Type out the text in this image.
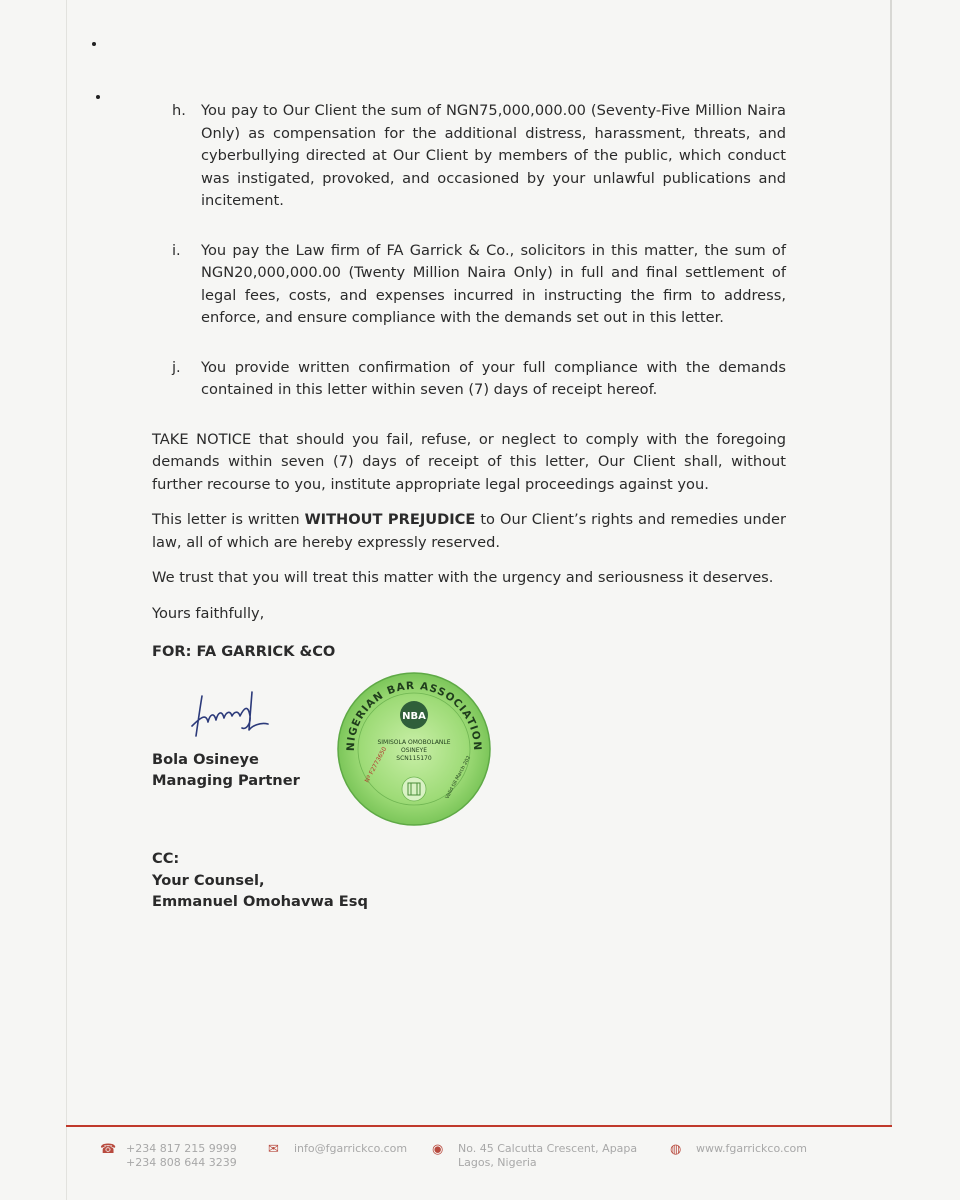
h.	You pay to Our Client the sum of NGN75,000,000.00 (Seventy-Five Million Naira Only) as compensation for the additional distress, harassment, threats, and cyberbullying directed at Our Client by members of the public, which conduct was instigated, provoked, and occasioned by your unlawful publications and incitement.
i.	You pay the Law firm of FA Garrick & Co., solicitors in this matter, the sum of NGN20,000,000.00 (Twenty Million Naira Only) in full and final settlement of legal fees, costs, and expenses incurred in instructing the firm to address, enforce, and ensure compliance with the demands set out in this letter.
j.	You provide written confirmation of your full compliance with the demands contained in this letter within seven (7) days of receipt hereof.

TAKE NOTICE that should you fail, refuse, or neglect to comply with the foregoing demands within seven (7) days of receipt of this letter, Our Client shall, without further recourse to you, institute appropriate legal proceedings against you.

This letter is written WITHOUT PREJUDICE to Our Client’s rights and remedies under law, all of which are hereby expressly reserved.

We trust that you will treat this matter with the urgency and seriousness it deserves.

Yours faithfully,

FOR: FA GARRICK &CO

Bola Osineye
Managing Partner
NIGERIAN BAR ASSOCIATION
NBA
SIMISOLA OMOBOLANLE
OSINEYE
SCN115170
Nº F2773650	Valid till March 202
CC:
Your Counsel,
Emmanuel Omohavwa Esq
☎ +234 817 215 9999
+234 808 644 3239
✉	info@fgarrickco.com ◉	No. 45 Calcutta Crescent, Apapa
Lagos, Nigeria
◍	www.fgarrickco.com
